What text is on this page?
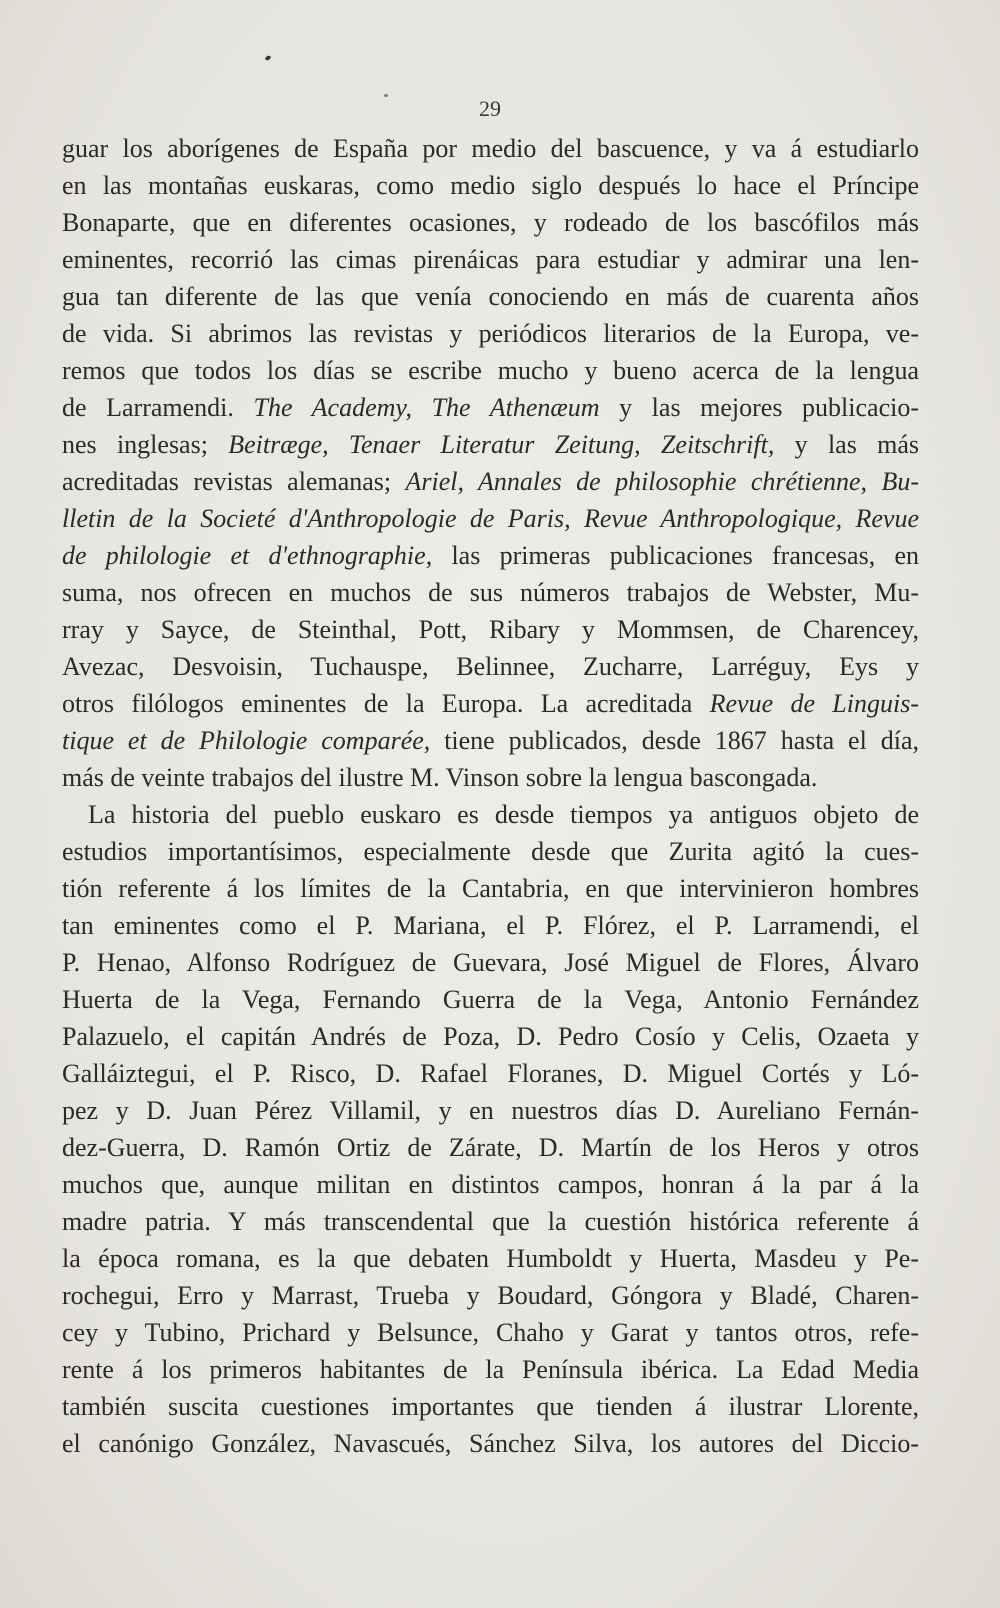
29
guar los aborígenes de España por medio del bascuence, y va á estudiarlo
en las montañas euskaras, como medio siglo después lo hace el Príncipe
Bonaparte, que en diferentes ocasiones, y rodeado de los bascófilos más
eminentes, recorrió las cimas pirenáicas para estudiar y admirar una len-
gua tan diferente de las que venía conociendo en más de cuarenta años
de vida. Si abrimos las revistas y periódicos literarios de la Europa, ve-
remos que todos los días se escribe mucho y bueno acerca de la lengua
de Larramendi. The Academy, The Athenæum y las mejores publicacio-
nes inglesas; Beitræge, Tenaer Literatur Zeitung, Zeitschrift, y las más
acreditadas revistas alemanas; Ariel, Annales de philosophie chrétienne, Bu-
lletin de la Societé d'Anthropologie de Paris, Revue Anthropologique, Revue
de philologie et d'ethnographie, las primeras publicaciones francesas, en
suma, nos ofrecen en muchos de sus números trabajos de Webster, Mu-
rray y Sayce, de Steinthal, Pott, Ribary y Mommsen, de Charencey,
Avezac, Desvoisin, Tuchauspe, Belinnee, Zucharre, Larréguy, Eys y
otros filólogos eminentes de la Europa. La acreditada Revue de Linguis-
tique et de Philologie comparée, tiene publicados, desde 1867 hasta el día,
más de veinte trabajos del ilustre M. Vinson sobre la lengua bascongada.
La historia del pueblo euskaro es desde tiempos ya antiguos objeto de
estudios importantísimos, especialmente desde que Zurita agitó la cues-
tión referente á los límites de la Cantabria, en que intervinieron hombres
tan eminentes como el P. Mariana, el P. Flórez, el P. Larramendi, el
P. Henao, Alfonso Rodríguez de Guevara, José Miguel de Flores, Álvaro
Huerta de la Vega, Fernando Guerra de la Vega, Antonio Fernández
Palazuelo, el capitán Andrés de Poza, D. Pedro Cosío y Celis, Ozaeta y
Galláiztegui, el P. Risco, D. Rafael Floranes, D. Miguel Cortés y Ló-
pez y D. Juan Pérez Villamil, y en nuestros días D. Aureliano Fernán-
dez-Guerra, D. Ramón Ortiz de Zárate, D. Martín de los Heros y otros
muchos que, aunque militan en distintos campos, honran á la par á la
madre patria. Y más transcendental que la cuestión histórica referente á
la época romana, es la que debaten Humboldt y Huerta, Masdeu y Pe-
rochegui, Erro y Marrast, Trueba y Boudard, Góngora y Bladé, Charen-
cey y Tubino, Prichard y Belsunce, Chaho y Garat y tantos otros, refe-
rente á los primeros habitantes de la Península ibérica. La Edad Media
también suscita cuestiones importantes que tienden á ilustrar Llorente,
el canónigo González, Navascués, Sánchez Silva, los autores del Diccio-
